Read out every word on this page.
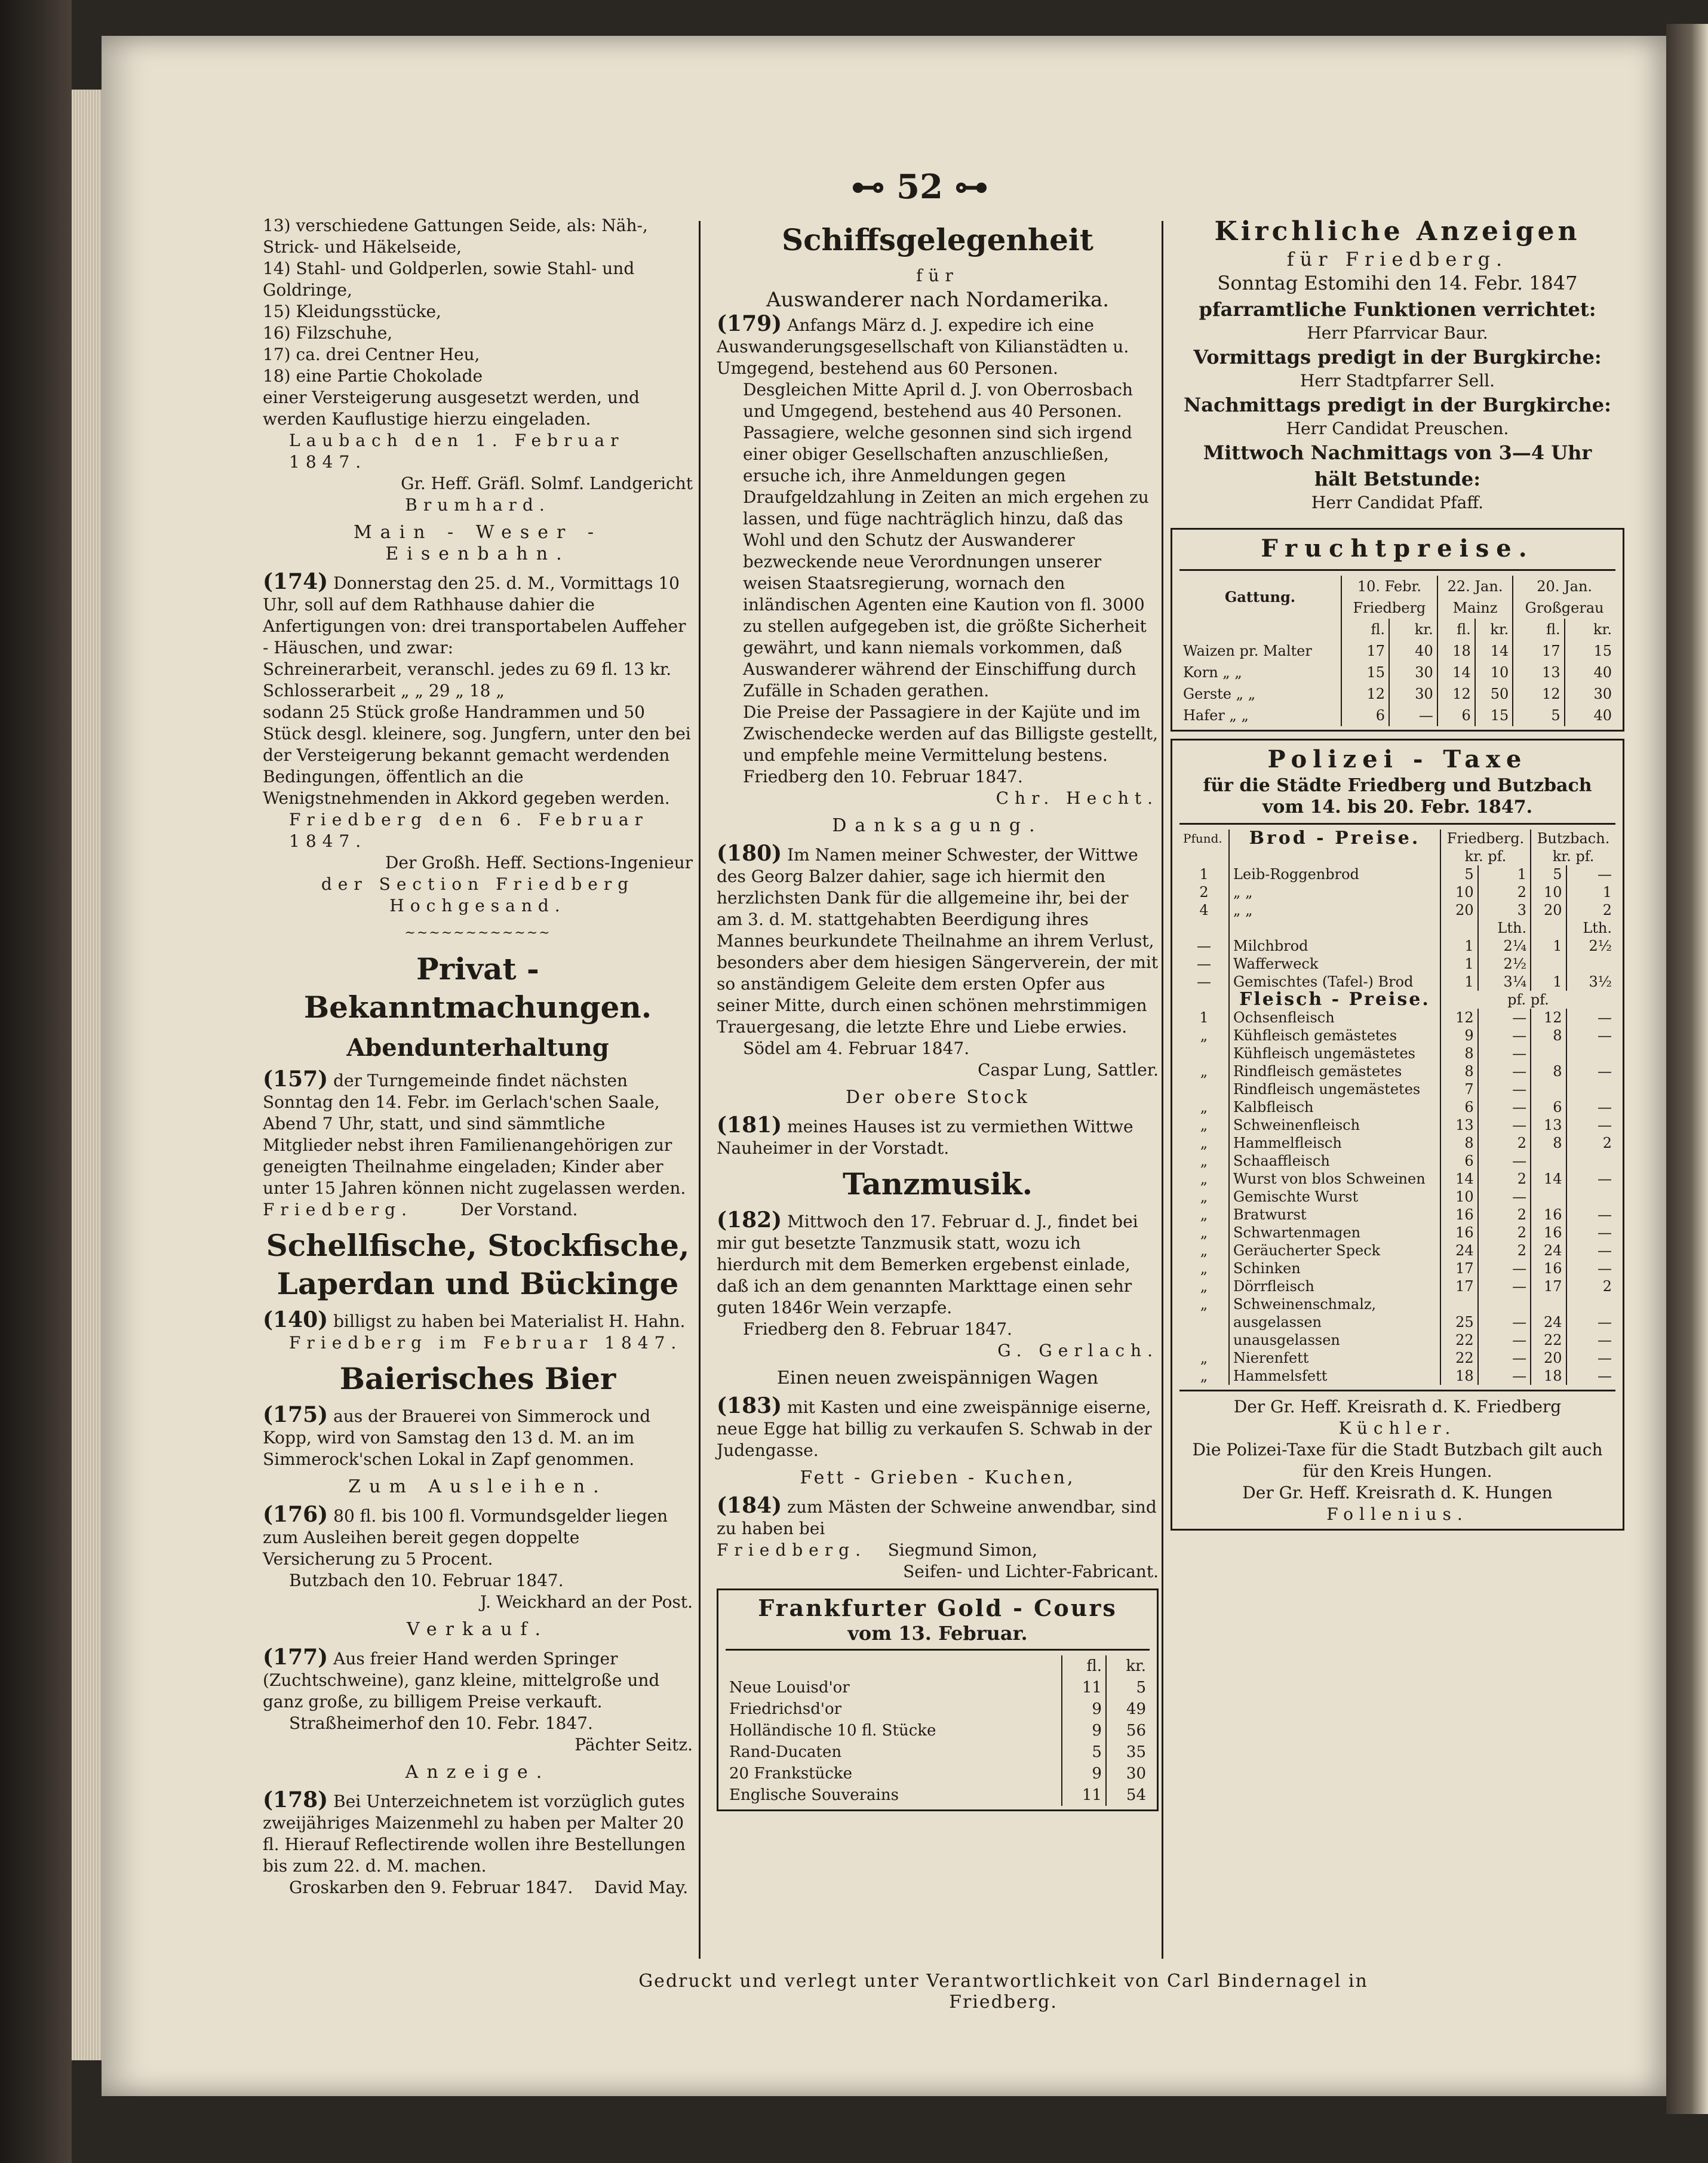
⊷ 52 ⊶

13) verschiedene Gattungen Seide, als: Näh-, Strick- und Häkelseide,

14) Stahl- und Goldperlen, sowie Stahl- und Goldringe,

15) Kleidungsstücke,

16) Filzschuhe,

17) ca. drei Centner Heu,

18) eine Partie Chokolade

einer Versteigerung ausgesetzt werden, und werden Kauflustige hierzu eingeladen.

Laubach den 1. Februar 1847.

Gr. Heff. Gräfl. Solmf. Landgericht

Brumhard.

Main - Weser - Eisenbahn.

(174) Donnerstag den 25. d. M., Vormittags 10 Uhr, soll auf dem Rathhause dahier die Anfertigungen von: drei transportabelen Auffeher - Häuschen, und zwar:

Schreinerarbeit, veranschl. jedes zu 69 fl. 13 kr.

Schlosserarbeit „ „ 29 „ 18 „

sodann 25 Stück große Handrammen und 50 Stück desgl. kleinere, sog. Jungfern, unter den bei der Versteigerung bekannt gemacht werdenden Bedingungen, öffentlich an die Wenigstnehmenden in Akkord gegeben werden.

Friedberg den 6. Februar 1847.

Der Großh. Heff. Sections-Ingenieur

der Section Friedberg

Hochgesand.

~~~~~~~~~~~~

Privat - Bekanntmachungen.

Abendunterhaltung

(157) der Turngemeinde findet nächsten Sonntag den 14. Febr. im Gerlach'schen Saale, Abend 7 Uhr, statt, und sind sämmtliche Mitglieder nebst ihren Familienangehörigen zur geneigten Theilnahme eingeladen; Kinder aber unter 15 Jahren können nicht zugelassen werden.

Friedberg.	Der Vorstand.

Schellfische, Stockfische, Laperdan und Bückinge

(140) billigst zu haben bei Materialist H. Hahn.

Friedberg im Februar 1847.

Baierisches Bier

(175) aus der Brauerei von Simmerock und Kopp, wird von Samstag den 13 d. M. an im Simmerock'schen Lokal in Zapf genommen.

Zum Ausleihen.

(176) 80 fl. bis 100 fl. Vormundsgelder liegen zum Ausleihen bereit gegen doppelte Versicherung zu 5 Procent.

Butzbach den 10. Februar 1847.

J. Weickhard an der Post.

Verkauf.

(177) Aus freier Hand werden Springer (Zuchtschweine), ganz kleine, mittelgroße und ganz große, zu billigem Preise verkauft.

Straßheimerhof den 10. Febr. 1847.

Pächter Seitz.

Anzeige.

(178) Bei Unterzeichnetem ist vorzüglich gutes zweijähriges Maizenmehl zu haben per Malter 20 fl. Hierauf Reflectirende wollen ihre Bestellungen bis zum 22. d. M. machen.

Groskarben den 9. Februar 1847. David May.

Schiffsgelegenheit

für

Auswanderer nach Nordamerika.

(179) Anfangs März d. J. expedire ich eine Auswanderungsgesellschaft von Kilianstädten u. Umgegend, bestehend aus 60 Personen.

Desgleichen Mitte April d. J. von Oberrosbach und Umgegend, bestehend aus 40 Personen.

Passagiere, welche gesonnen sind sich irgend einer obiger Gesellschaften anzuschließen, ersuche ich, ihre Anmeldungen gegen Draufgeldzahlung in Zeiten an mich ergehen zu lassen, und füge nachträglich hinzu, daß das Wohl und den Schutz der Auswanderer bezweckende neue Verordnungen unserer weisen Staatsregierung, wornach den inländischen Agenten eine Kaution von fl. 3000 zu stellen aufgegeben ist, die größte Sicherheit gewährt, und kann niemals vorkommen, daß Auswanderer während der Einschiffung durch Zufälle in Schaden gerathen.

Die Preise der Passagiere in der Kajüte und im Zwischendecke werden auf das Billigste gestellt, und empfehle meine Vermittelung bestens.

Friedberg den 10. Februar 1847.

Chr. Hecht.

Danksagung.

(180) Im Namen meiner Schwester, der Wittwe des Georg Balzer dahier, sage ich hiermit den herzlichsten Dank für die allgemeine ihr, bei der am 3. d. M. stattgehabten Beerdigung ihres Mannes beurkundete Theilnahme an ihrem Verlust, besonders aber dem hiesigen Sängerverein, der mit so anständigem Geleite dem ersten Opfer aus seiner Mitte, durch einen schönen mehrstimmigen Trauergesang, die letzte Ehre und Liebe erwies.

Södel am 4. Februar 1847.

Caspar Lung, Sattler.

Der obere Stock

(181) meines Hauses ist zu vermiethen Wittwe Nauheimer in der Vorstadt.

Tanzmusik.

(182) Mittwoch den 17. Februar d. J., findet bei mir gut besetzte Tanzmusik statt, wozu ich hierdurch mit dem Bemerken ergebenst einlade, daß ich an dem genannten Markttage einen sehr guten 1846r Wein verzapfe.

Friedberg den 8. Februar 1847.

G. Gerlach.

Einen neuen zweispännigen Wagen

(183) mit Kasten und eine zweispännige eiserne, neue Egge hat billig zu verkaufen S. Schwab in der Judengasse.

Fett - Grieben - Kuchen,

(184) zum Mästen der Schweine anwendbar, sind zu haben bei

Friedberg. Siegmund Simon,

Seifen- und Lichter-Fabricant.

Frankfurter Gold - Cours

vom 13. Februar.

	fl.	kr.
Neue Louisd'or	11	5
Friedrichsd'or	9	49
Holländische 10 fl. Stücke	9	56
Rand-Ducaten	5	35
20 Frankstücke	9	30
Englische Souverains	11	54

Kirchliche Anzeigen

für Friedberg.

Sonntag Estomihi den 14. Febr. 1847

pfarramtliche Funktionen verrichtet:

Herr Pfarrvicar Baur.

Vormittags predigt in der Burgkirche:

Herr Stadtpfarrer Sell.

Nachmittags predigt in der Burgkirche:

Herr Candidat Preuschen.

Mittwoch Nachmittags von 3—4 Uhr

hält Betstunde:

Herr Candidat Pfaff.

Fruchtpreise.

Gattung.	10. Febr.		22. Jan.		20. Jan.	
	Friedberg		Mainz		Großgerau	
	fl.	kr.	fl.	kr.	fl.	kr.
Waizen pr. Malter	17	40	18	14	17	15
Korn „ „	15	30	14	10	13	40
Gerste „ „	12	30	12	50	12	30
Hafer „ „	6	—	6	15	5	40

Polizei - Taxe

für die Städte Friedberg und Butzbach

vom 14. bis 20. Febr. 1847.

Pfund.	Brod - Preise.	Friedberg.		Butzbach.	
		kr. pf.		kr. pf.	
1	Leib-Roggenbrod	5	1	5	—
2	„ „	10	2	10	1
4	„ „	20	3	20	2
			Lth.		Lth.
—	Milchbrod	1	2¼	1	2½
—	Wafferweck	1	2½		
—	Gemischtes (Tafel-) Brod	1	3¼	1	3½
	Fleisch - Preise.	pf. pf.			
1	Ochsenfleisch	12	—	12	—
„	Kühfleisch gemästetes	9	—	8	—
	Kühfleisch ungemästetes	8	—		
„	Rindfleisch gemästetes	8	—	8	—
	Rindfleisch ungemästetes	7	—		
„	Kalbfleisch	6	—	6	—
„	Schweinenfleisch	13	—	13	—
„	Hammelfleisch	8	2	8	2
„	Schaaffleisch	6	—		
„	Wurst von blos Schweinen	14	2	14	—
„	Gemischte Wurst	10	—		
„	Bratwurst	16	2	16	—
„	Schwartenmagen	16	2	16	—
„	Geräucherter Speck	24	2	24	—
„	Schinken	17	—	16	—
„	Dörrfleisch	17	—	17	2
„	Schweinenschmalz,				
	ausgelassen	25	—	24	—
	unausgelassen	22	—	22	—
„	Nierenfett	22	—	20	—
„	Hammelsfett	18	—	18	—

Der Gr. Heff. Kreisrath d. K. Friedberg

Küchler.

Die Polizei-Taxe für die Stadt Butzbach gilt auch für den Kreis Hungen.

Der Gr. Heff. Kreisrath d. K. Hungen

Follenius.

Gedruckt und verlegt unter Verantwortlichkeit von Carl Bindernagel in Friedberg.
